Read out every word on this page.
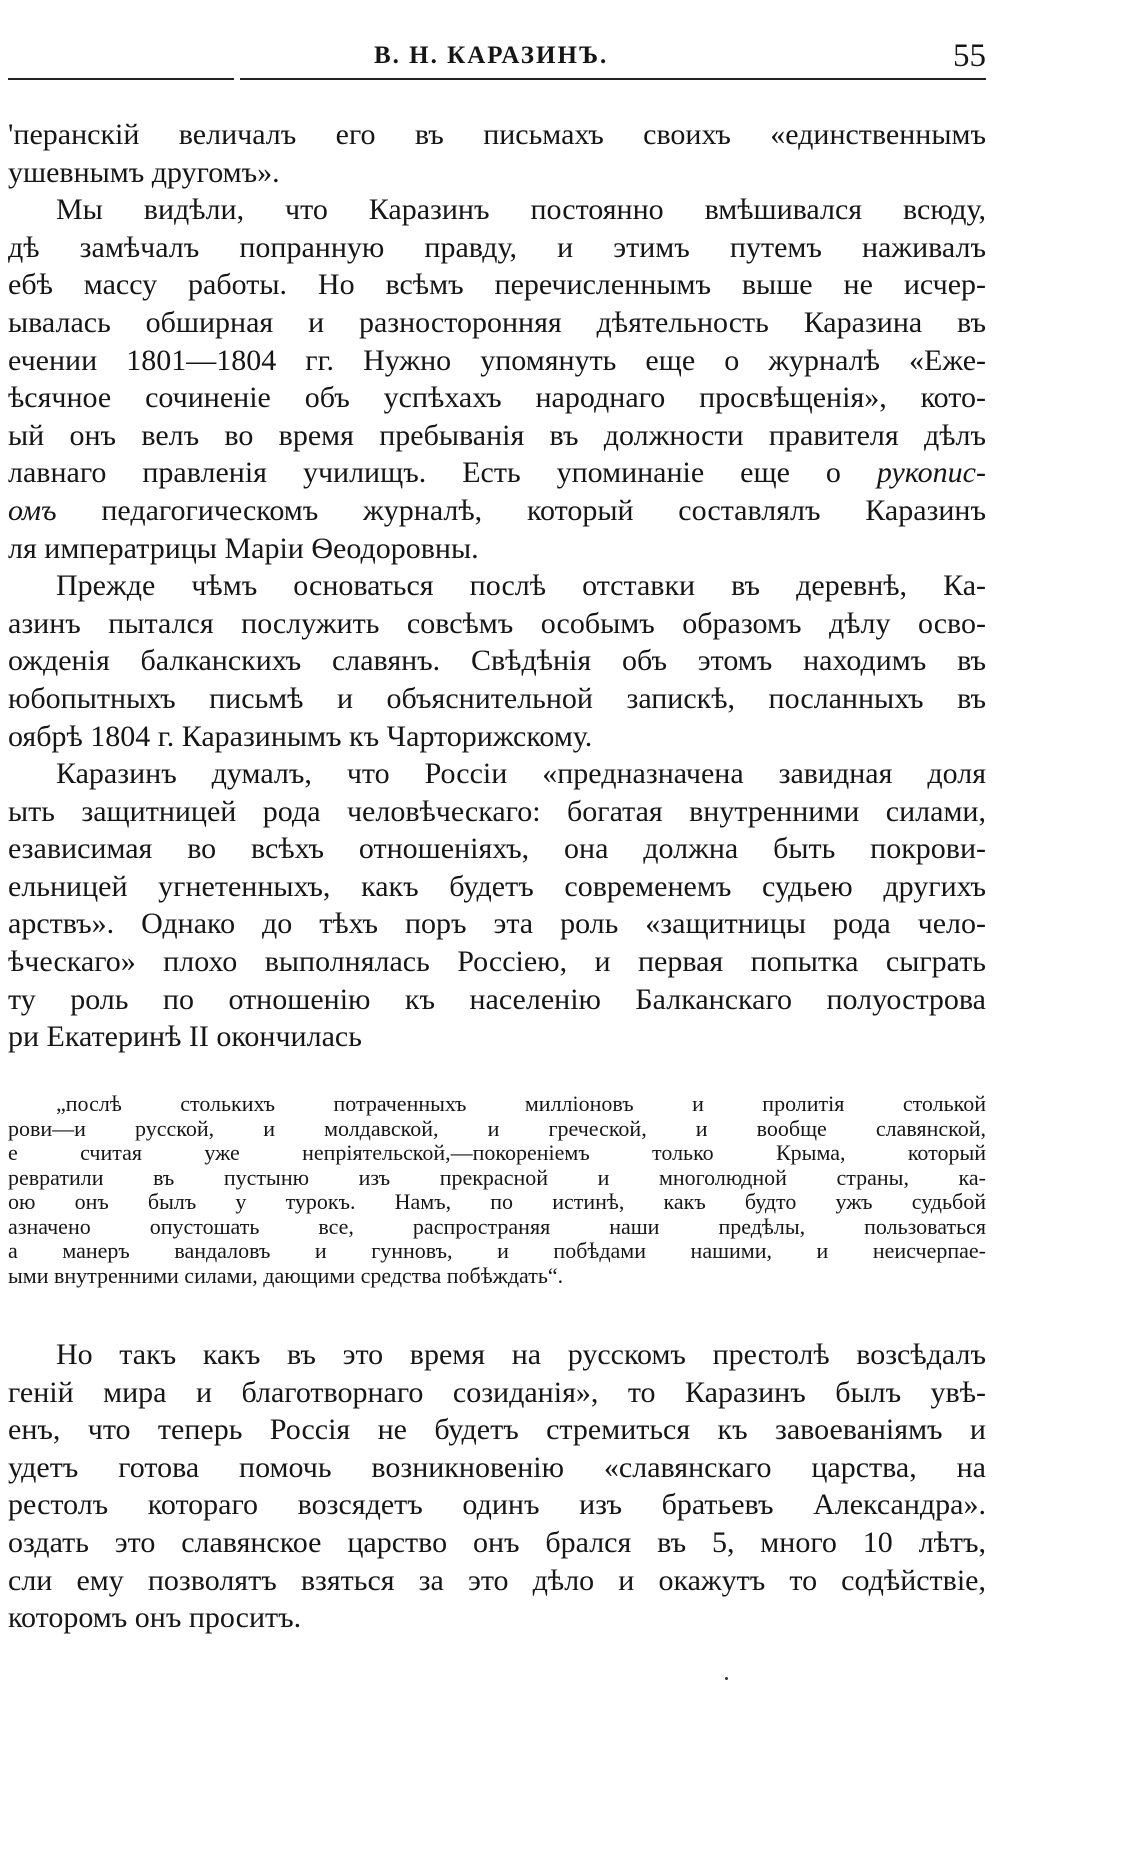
В. Н. КАРАЗИНЪ.	55
'перанскій величалъ его въ письмахъ своихъ «единственнымъ
ушевнымъ другомъ».
Мы видѣли, что Каразинъ постоянно вмѣшивался всюду,
дѣ замѣчалъ попранную правду, и этимъ путемъ наживалъ
ебѣ массу работы. Но всѣмъ перечисленнымъ выше не исчер-
ывалась обширная и разносторонняя дѣятельность Каразина въ
ечении 1801—1804 гг. Нужно упомянуть еще о журналѣ «Еже-
ѣсячное сочиненіе объ успѣхахъ народнаго просвѣщенія», кото-
ый онъ велъ во время пребыванія въ должности правителя дѣлъ
лавнаго правленія училищъ. Есть упоминаніе еще о рукопис-
омъ педагогическомъ журналѣ, который составлялъ Каразинъ
ля императрицы Маріи Ѳеодоровны.
Прежде чѣмъ основаться послѣ отставки въ деревнѣ, Ка-
азинъ пытался послужить совсѣмъ особымъ образомъ дѣлу осво-
ожденія балканскихъ славянъ. Свѣдѣнія объ этомъ находимъ въ
юбопытныхъ письмѣ и объяснительной запискѣ, посланныхъ въ
оябрѣ 1804 г. Каразинымъ къ Чарторижскому.
Каразинъ думалъ, что Россіи «предназначена завидная доля
ыть защитницей рода человѣческаго: богатая внутренними силами,
езависимая во всѣхъ отношеніяхъ, она должна быть покрови-
ельницей угнетенныхъ, какъ будетъ современемъ судьею другихъ
арствъ». Однако до тѣхъ поръ эта роль «защитницы рода чело-
ѣческаго» плохо выполнялась Россіею, и первая попытка сыграть
ту роль по отношенію къ населенію Балканскаго полуострова
ри Екатеринѣ II окончилась
„послѣ столькихъ потраченныхъ милліоновъ и пролитія столькой
рови—и русской, и молдавской, и греческой, и вообще славянской,
е считая уже непріятельской,—покореніемъ только Крыма, который
ревратили въ пустыню изъ прекрасной и многолюдной страны, ка-
ою онъ былъ у турокъ. Намъ, по истинѣ, какъ будто ужъ судьбой
азначено опустошать все, распространяя наши предѣлы, пользоваться
а манеръ вандаловъ и гунновъ, и побѣдами нашими, и неисчерпае-
ыми внутренними силами, дающими средства побѣждать“.
Но такъ какъ въ это время на русскомъ престолѣ возсѣдалъ
геній мира и благотворнаго созиданія», то Каразинъ былъ увѣ-
енъ, что теперь Россія не будетъ стремиться къ завоеваніямъ и
удетъ готова помочь возникновенію «славянскаго царства, на
рестолъ котораго возсядетъ одинъ изъ братьевъ Александра».
оздать это славянское царство онъ брался въ 5, много 10 лѣтъ,
сли ему позволятъ взяться за это дѣло и окажутъ то содѣйствіе,
которомъ онъ проситъ.
